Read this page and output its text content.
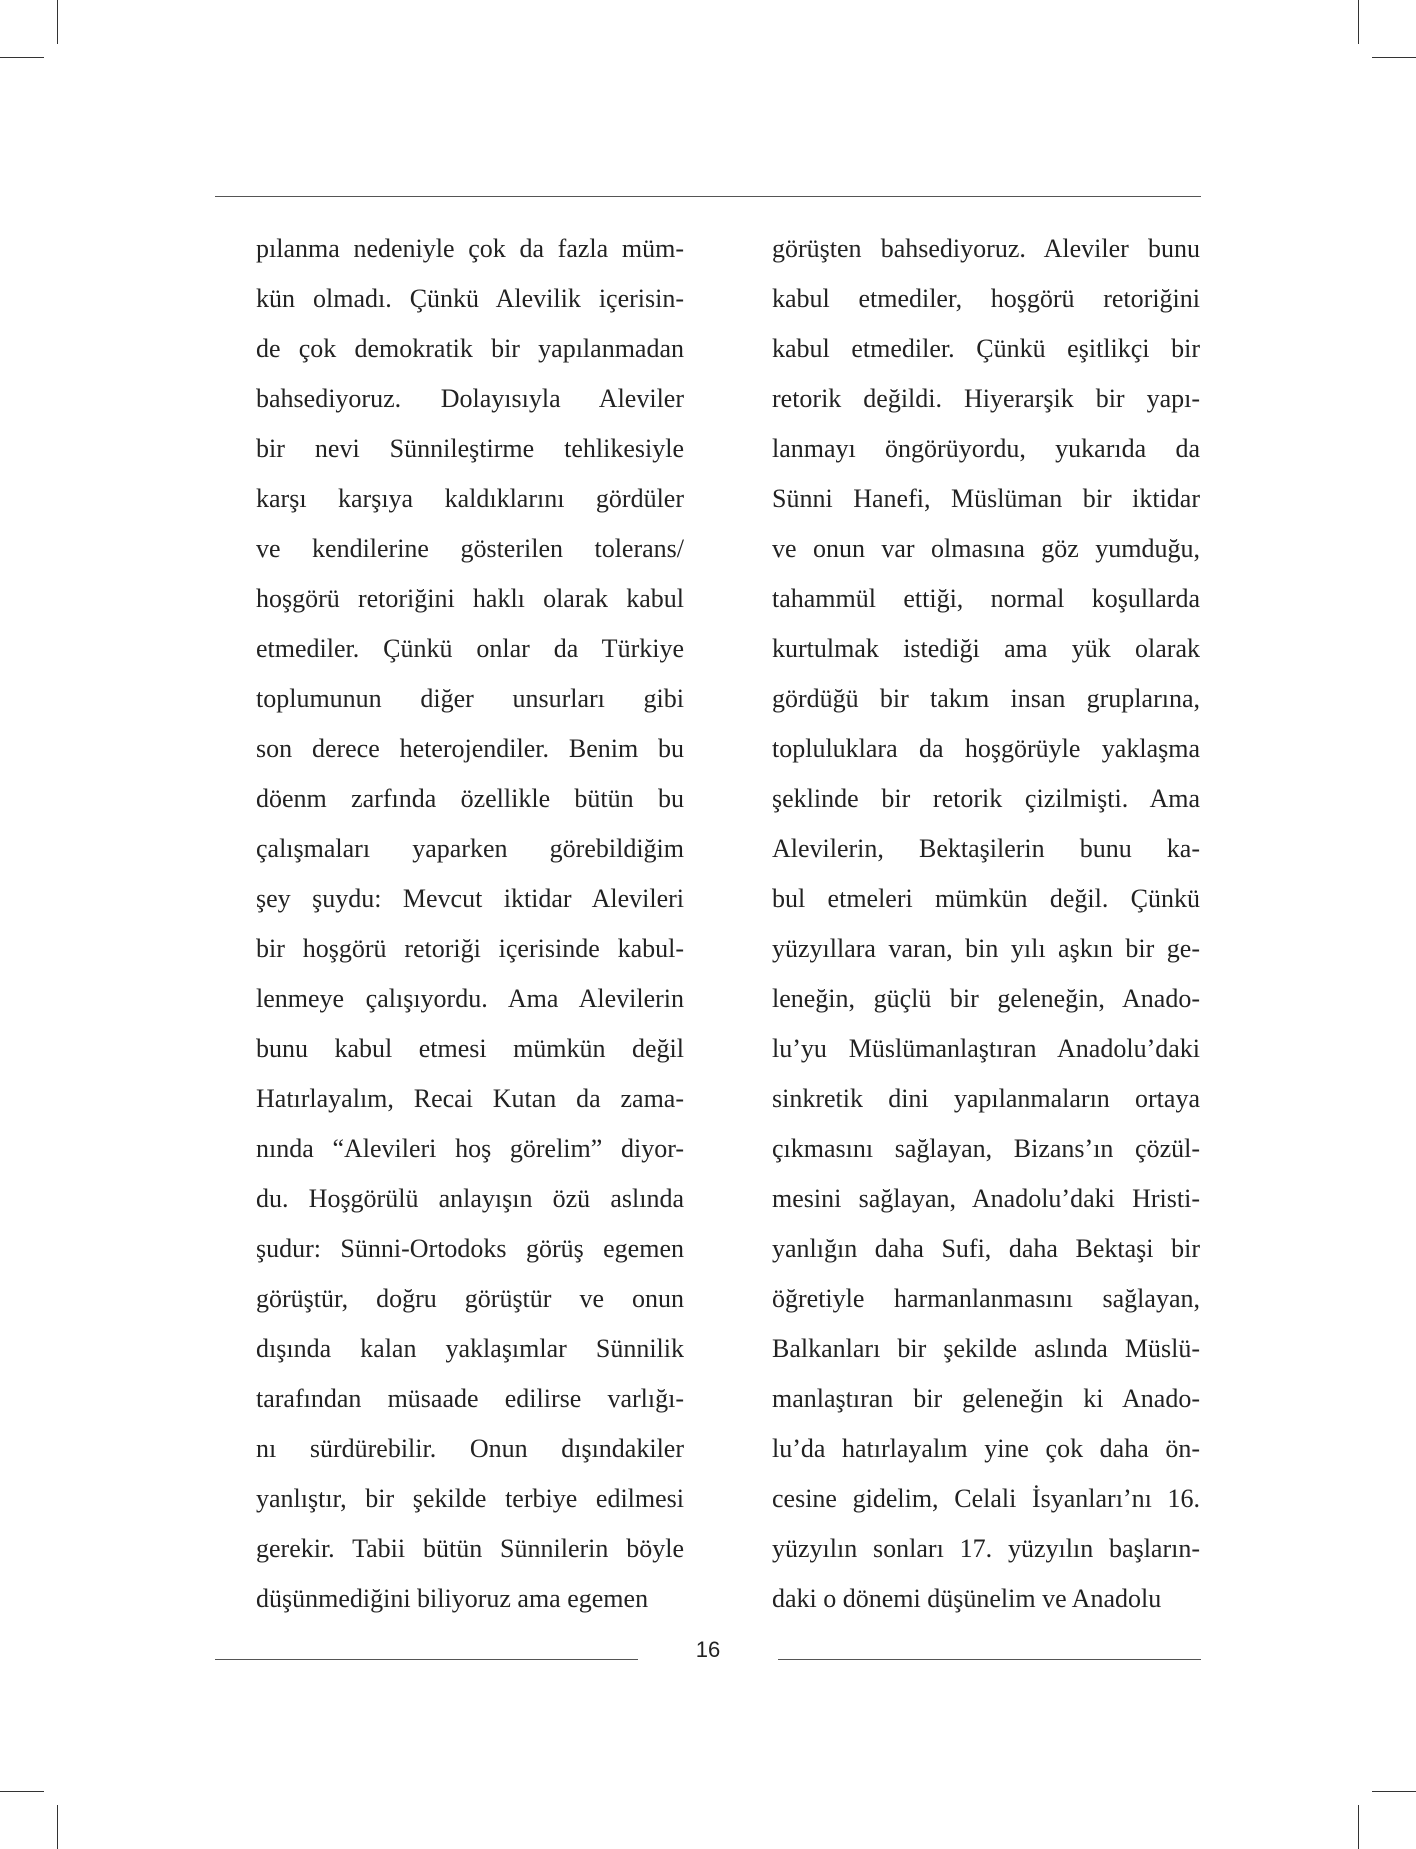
pılanma nedeniyle çok da fazla müm-
kün olmadı. Çünkü Alevilik içerisin-
de çok demokratik bir yapılanmadan
bahsediyoruz. Dolayısıyla Aleviler
bir nevi Sünnileştirme tehlikesiyle
karşı karşıya kaldıklarını gördüler
ve kendilerine gösterilen tolerans/
hoşgörü retoriğini haklı olarak kabul
etmediler. Çünkü onlar da Türkiye
toplumunun diğer unsurları gibi
son derece heterojendiler. Benim bu
döenm zarfında özellikle bütün bu
çalışmaları yaparken görebildiğim
şey şuydu: Mevcut iktidar Alevileri
bir hoşgörü retoriği içerisinde kabul-
lenmeye çalışıyordu. Ama Alevilerin
bunu kabul etmesi mümkün değil
Hatırlayalım, Recai Kutan da zama-
nında “Alevileri hoş görelim” diyor-
du. Hoşgörülü anlayışın özü aslında
şudur: Sünni-Ortodoks görüş egemen
görüştür, doğru görüştür ve onun
dışında kalan yaklaşımlar Sünnilik
tarafından müsaade edilirse varlığı-
nı sürdürebilir. Onun dışındakiler
yanlıştır, bir şekilde terbiye edilmesi
gerekir. Tabii bütün Sünnilerin böyle
düşünmediğini biliyoruz ama egemen
görüşten bahsediyoruz. Aleviler bunu
kabul etmediler, hoşgörü retoriğini
kabul etmediler. Çünkü eşitlikçi bir
retorik değildi. Hiyerarşik bir yapı-
lanmayı öngörüyordu, yukarıda da
Sünni Hanefi, Müslüman bir iktidar
ve onun var olmasına göz yumduğu,
tahammül ettiği, normal koşullarda
kurtulmak istediği ama yük olarak
gördüğü bir takım insan gruplarına,
topluluklara da hoşgörüyle yaklaşma
şeklinde bir retorik çizilmişti. Ama
Alevilerin, Bektaşilerin bunu ka-
bul etmeleri mümkün değil. Çünkü
yüzyıllara varan, bin yılı aşkın bir ge-
leneğin, güçlü bir geleneğin, Anado-
lu’yu Müslümanlaştıran Anadolu’daki
sinkretik dini yapılanmaların ortaya
çıkmasını sağlayan, Bizans’ın çözül-
mesini sağlayan, Anadolu’daki Hristi-
yanlığın daha Sufi, daha Bektaşi bir
öğretiyle harmanlanmasını sağlayan,
Balkanları bir şekilde aslında Müslü-
manlaştıran bir geleneğin ki Anado-
lu’da hatırlayalım yine çok daha ön-
cesine gidelim, Celali İsyanları’nı 16.
yüzyılın sonları 17. yüzyılın başların-
daki o dönemi düşünelim ve Anadolu
16
